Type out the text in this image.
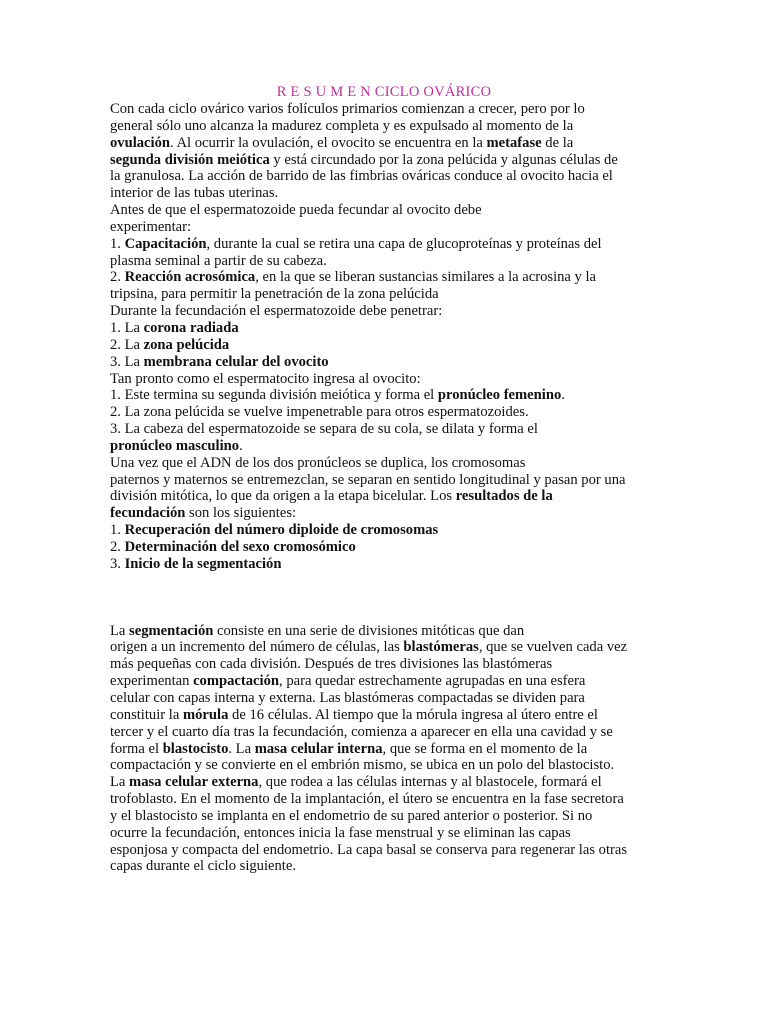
R E S U M E N CICLO OVÁRICO
Con cada ciclo ovárico varios folículos primarios comienzan a crecer, pero por lo
general sólo uno alcanza la madurez completa y es expulsado al momento de la
ovulación. Al ocurrir la ovulación, el ovocito se encuentra en la metafase de la
segunda división meiótica y está circundado por la zona pelúcida y algunas células de
la granulosa. La acción de barrido de las fimbrias ováricas conduce al ovocito hacia el
interior de las tubas uterinas.
Antes de que el espermatozoide pueda fecundar al ovocito debe
experimentar:
1. Capacitación, durante la cual se retira una capa de glucoproteínas y proteínas del
plasma seminal a partir de su cabeza.
2. Reacción acrosómica, en la que se liberan sustancias similares a la acrosina y la
tripsina, para permitir la penetración de la zona pelúcida
Durante la fecundación el espermatozoide debe penetrar:
1. La corona radiada
2. La zona pelúcida
3. La membrana celular del ovocito
Tan pronto como el espermatocito ingresa al ovocito:
1. Este termina su segunda división meiótica y forma el pronúcleo femenino.
2. La zona pelúcida se vuelve impenetrable para otros espermatozoides.
3. La cabeza del espermatozoide se separa de su cola, se dilata y forma el
pronúcleo masculino.
Una vez que el ADN de los dos pronúcleos se duplica, los cromosomas
paternos y maternos se entremezclan, se separan en sentido longitudinal y pasan por una
división mitótica, lo que da origen a la etapa bicelular. Los resultados de la
fecundación son los siguientes:
1. Recuperación del número diploide de cromosomas
2. Determinación del sexo cromosómico
3. Inicio de la segmentación
La segmentación consiste en una serie de divisiones mitóticas que dan
origen a un incremento del número de células, las blastómeras, que se vuelven cada vez
más pequeñas con cada división. Después de tres divisiones las blastómeras
experimentan compactación, para quedar estrechamente agrupadas en una esfera
celular con capas interna y externa. Las blastómeras compactadas se dividen para
constituir la mórula de 16 células. Al tiempo que la mórula ingresa al útero entre el
tercer y el cuarto día tras la fecundación, comienza a aparecer en ella una cavidad y se
forma el blastocisto. La masa celular interna, que se forma en el momento de la
compactación y se convierte en el embrión mismo, se ubica en un polo del blastocisto.
La masa celular externa, que rodea a las células internas y al blastocele, formará el
trofoblasto. En el momento de la implantación, el útero se encuentra en la fase secretora
y el blastocisto se implanta en el endometrio de su pared anterior o posterior. Si no
ocurre la fecundación, entonces inicia la fase menstrual y se eliminan las capas
esponjosa y compacta del endometrio. La capa basal se conserva para regenerar las otras
capas durante el ciclo siguiente.
